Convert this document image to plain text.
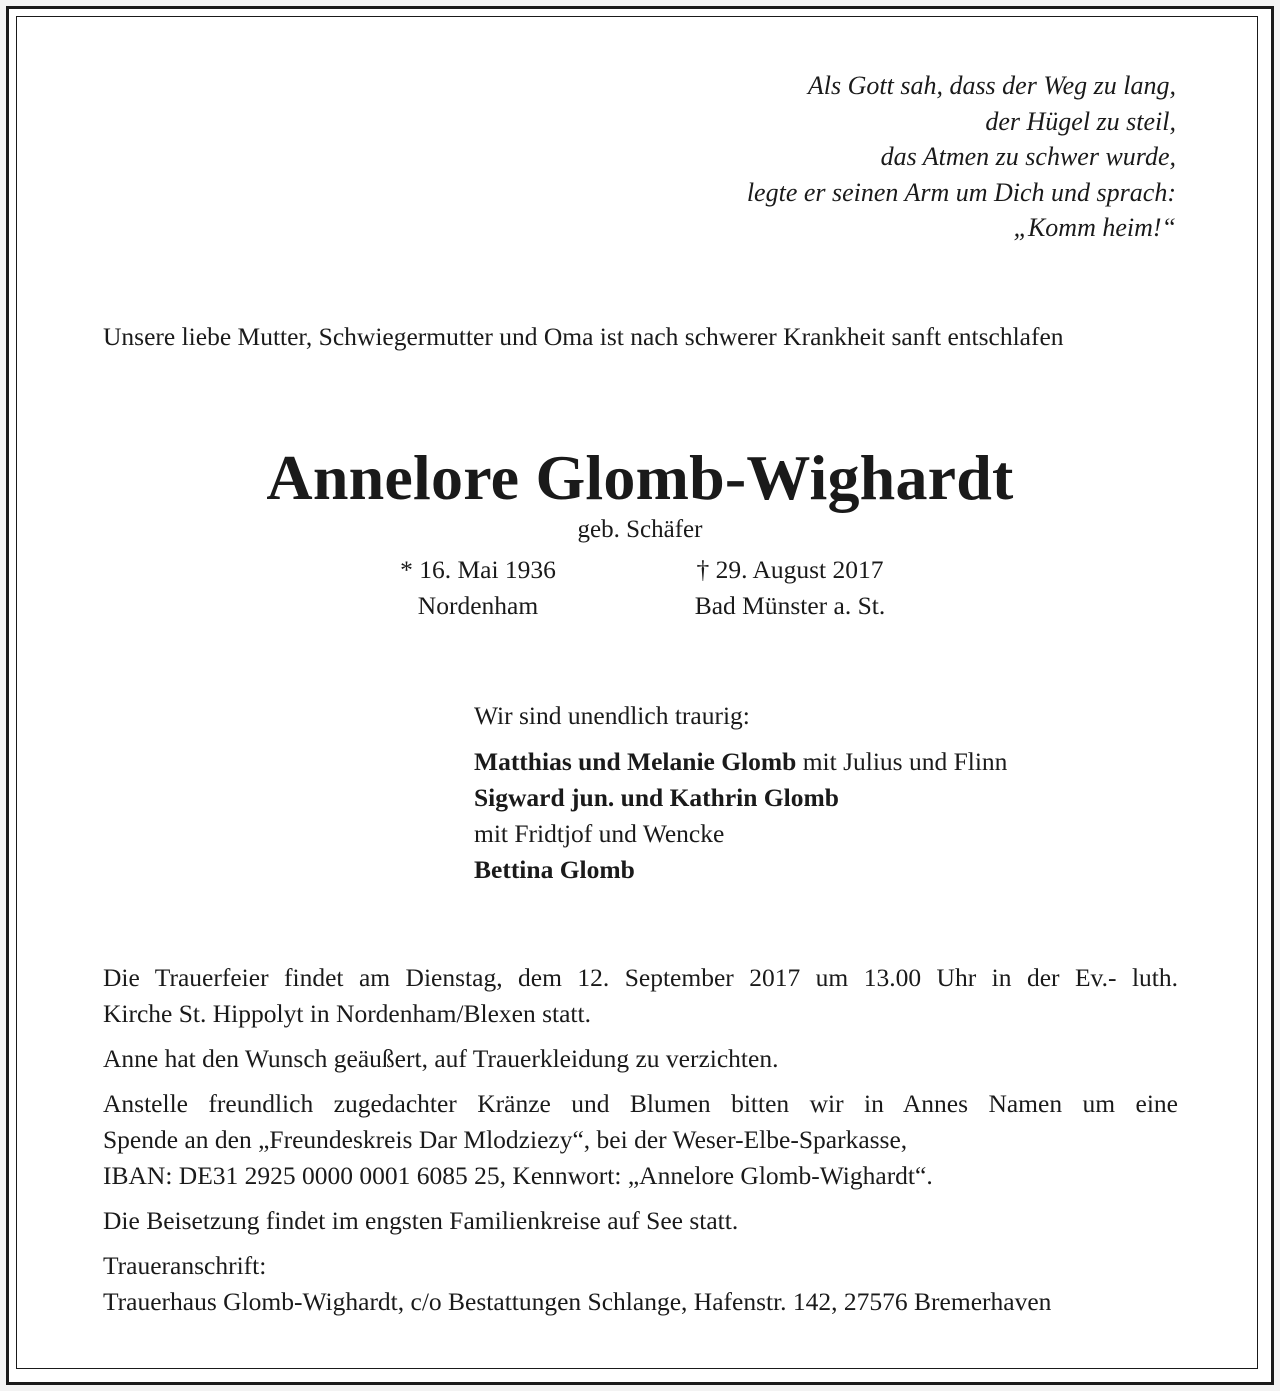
Als Gott sah, dass der Weg zu lang,
der Hügel zu steil,
das Atmen zu schwer wurde,
legte er seinen Arm um Dich und sprach:
„Komm heim!“
Unsere liebe Mutter, Schwiegermutter und Oma ist nach schwerer Krankheit sanft entschlafen
Annelore Glomb-Wighardt
geb. Schäfer
* 16. Mai 1936
Nordenham
† 29. August 2017
Bad Münster a. St.
Wir sind unendlich traurig:
Matthias und Melanie Glomb mit Julius und Flinn
Sigward jun. und Kathrin Glomb
mit Fridtjof und Wencke
Bettina Glomb

Die Trauerfeier findet am Dienstag, dem 12. September 2017 um 13.00 Uhr in der Ev.- luth.
Kirche St. Hippolyt in Nordenham/Blexen statt.

Anne hat den Wunsch geäußert, auf Trauerkleidung zu verzichten.

Anstelle freundlich zugedachter Kränze und Blumen bitten wir in Annes Namen um eine
Spende an den „Freundeskreis Dar Mlodziezy“, bei der Weser-Elbe-Sparkasse,
IBAN: DE31 2925 0000 0001 6085 25, Kennwort: „Annelore Glomb-Wighardt“.

Die Beisetzung findet im engsten Familienkreise auf See statt.

Traueranschrift:
Trauerhaus Glomb-Wighardt, c/o Bestattungen Schlange, Hafenstr. 142, 27576 Bremerhaven
